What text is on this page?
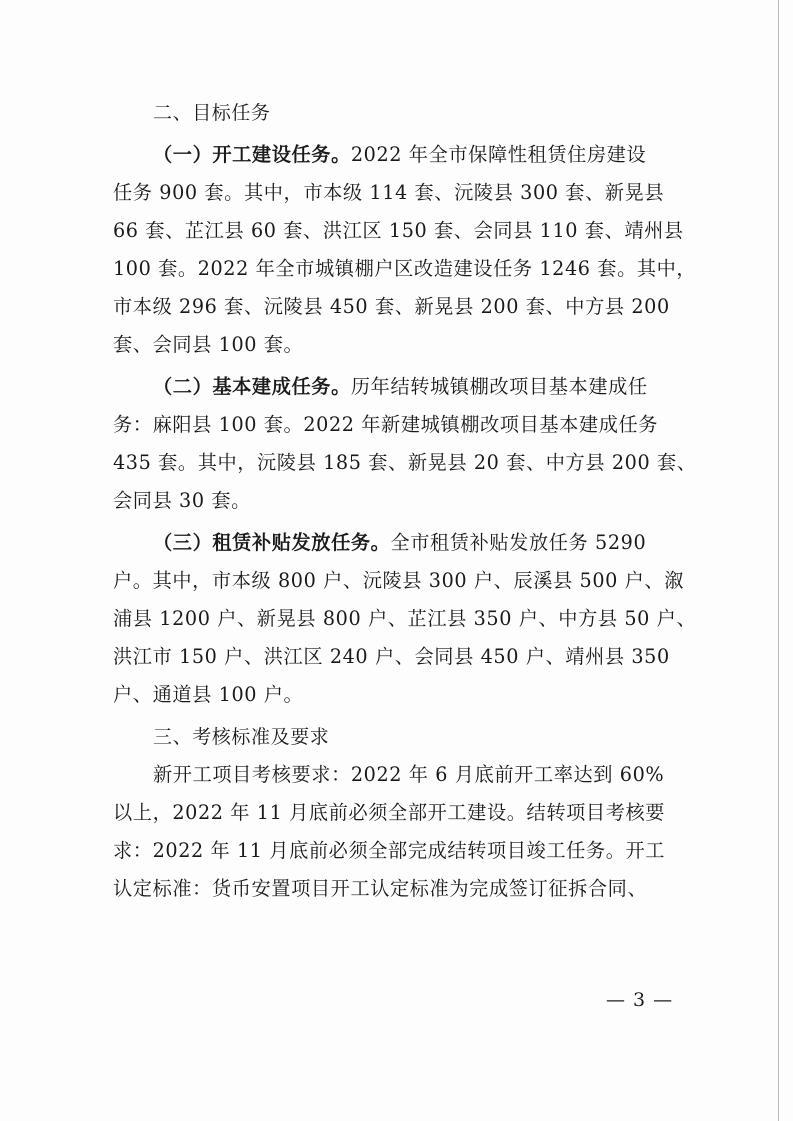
二、目标任务
（一）开工建设任务。2022 年全市保障性租赁住房建设
任务 900 套。其中，市本级 114 套、沅陵县 300 套、新晃县
66 套、芷江县 60 套、洪江区 150 套、会同县 110 套、靖州县
100 套。2022 年全市城镇棚户区改造建设任务 1246 套。其中，
市本级 296 套、沅陵县 450 套、新晃县 200 套、中方县 200
套、会同县 100 套。
（二）基本建成任务。历年结转城镇棚改项目基本建成任
务：麻阳县 100 套。2022 年新建城镇棚改项目基本建成任务
435 套。其中，沅陵县 185 套、新晃县 20 套、中方县 200 套、
会同县 30 套。
（三）租赁补贴发放任务。全市租赁补贴发放任务 5290
户。其中，市本级 800 户、沅陵县 300 户、辰溪县 500 户、溆
浦县 1200 户、新晃县 800 户、芷江县 350 户、中方县 50 户、
洪江市 150 户、洪江区 240 户、会同县 450 户、靖州县 350
户、通道县 100 户。
三、考核标准及要求
新开工项目考核要求：2022 年 6 月底前开工率达到 60%
以上，2022 年 11 月底前必须全部开工建设。结转项目考核要
求：2022 年 11 月底前必须全部完成结转项目竣工任务。开工
认定标准：货币安置项目开工认定标准为完成签订征拆合同、
— 3 —
